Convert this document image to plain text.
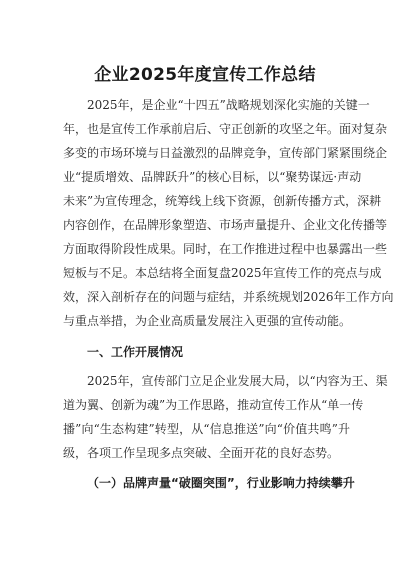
企业2025年度宣传工作总结
2025年，是企业“十四五”战略规划深化实施的关键一
年，也是宣传工作承前启后、守正创新的攻坚之年。面对复杂
多变的市场环境与日益激烈的品牌竞争，宣传部门紧紧围绕企
业“提质增效、品牌跃升”的核心目标，以“聚势谋远·声动
未来”为宣传理念，统筹线上线下资源，创新传播方式，深耕
内容创作，在品牌形象塑造、市场声量提升、企业文化传播等
方面取得阶段性成果。同时，在工作推进过程中也暴露出一些
短板与不足。本总结将全面复盘2025年宣传工作的亮点与成
效，深入剖析存在的问题与症结，并系统规划2026年工作方向
与重点举措，为企业高质量发展注入更强的宣传动能。
一、工作开展情况
2025年，宣传部门立足企业发展大局，以“内容为王、渠
道为翼、创新为魂”为工作思路，推动宣传工作从“单一传
播”向“生态构建”转型，从“信息推送”向“价值共鸣”升
级，各项工作呈现多点突破、全面开花的良好态势。
（一）品牌声量“破圈突围”，行业影响力持续攀升
